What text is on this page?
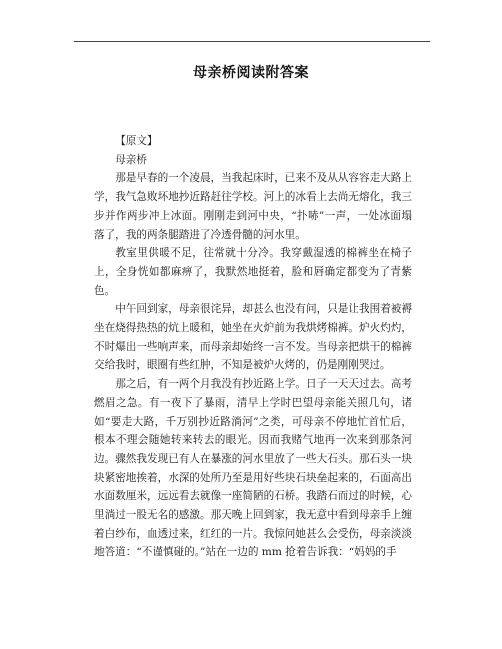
母亲桥阅读附答案

【原文】

母亲桥

那是早春的一个凌晨，当我起床时，已来不及从从容容走大路上学，我气急败坏地抄近路赶往学校。河上的冰看上去尚无熔化，我三步并作两步冲上冰面。刚刚走到河中央，“扑哧”一声，一处冰面塌落了，我的两条腿踏进了冷透骨髓的河水里。

教室里供暖不足，往常就十分冷。我穿戴湿透的棉裤坐在椅子上，全身恍如都麻痹了，我默然地挺着，脸和唇确定都变为了青紫色。

中午回到家，母亲很诧异，却甚么也没有问，只是让我围着被褥坐在烧得热热的炕上暖和，她坐在火炉前为我烘烤棉裤。炉火灼灼，不时爆出一些响声来，而母亲却始终一言不发。当母亲把烘干的棉裤交给我时，眼圈有些红肿，不知是被炉火烤的，仍是刚刚哭过。

那之后，有一两个月我没有抄近路上学。日子一天天过去。高考燃眉之急。有一夜下了暴雨，清早上学时巴望母亲能关照几句，诸如“要走大路，千万别抄近路淌河”之类，可母亲不停地忙首忙后，根本不理会随她转来转去的眼光。因而我赌气地再一次来到那条河边。骤然我发现已有人在暴涨的河水里放了一些大石头。那石头一块块紧密地挨着，水深的处所乃至是用好些块石块垒起来的，石面高出水面数厘米，远远看去就像一座简陋的石桥。我踏石而过的时候，心里淌过一股无名的感激。那天晚上回到家，我无意中看到母亲手上缠着白纱布，血透过来，红红的一片。我惊问她甚么会受伤，母亲淡淡地答道：“不谨慎碰的。”站在一边的 mm 抢着告诉我：“妈妈的手
